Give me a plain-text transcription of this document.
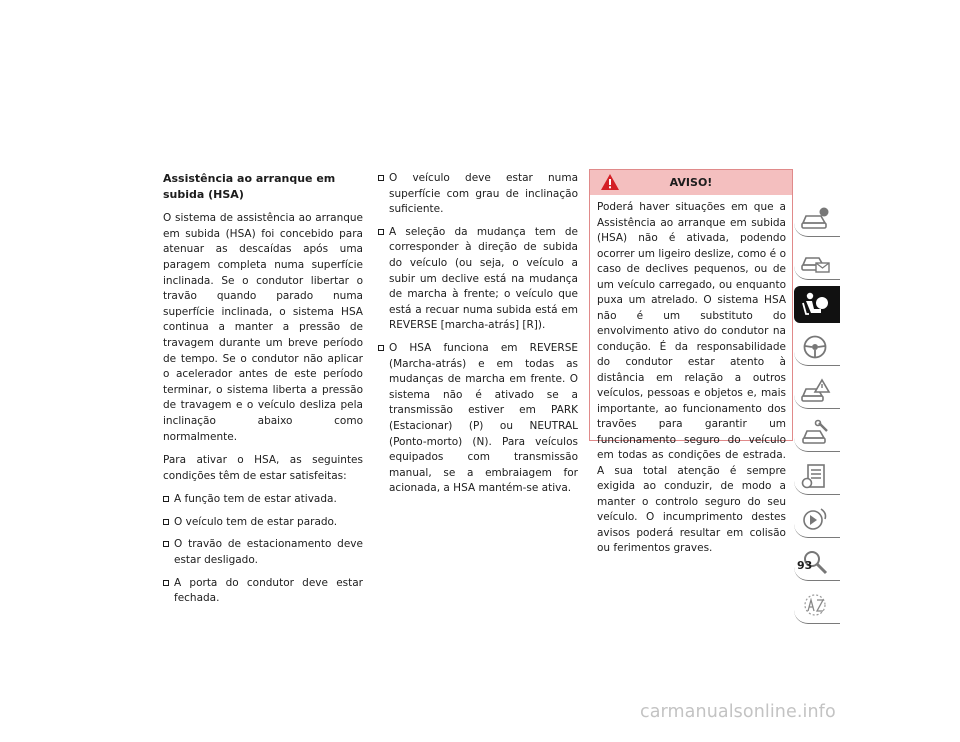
Assistência ao arranque em subida (HSA)
O sistema de assistência ao arranque em subida (HSA) foi concebido para atenuar as descaídas após uma paragem completa numa superfície inclinada. Se o condutor libertar o travão quando parado numa superfície inclinada, o sistema HSA continua a manter a pressão de travagem durante um breve período de tempo. Se o condutor não aplicar o acelerador antes de este período terminar, o sistema liberta a pressão de travagem e o veículo desliza pela inclinação abaixo como normalmente.
Para ativar o HSA, as seguintes condições têm de estar satisfeitas:
A função tem de estar ativada.
O veículo tem de estar parado.
O travão de estacionamento deve estar desligado.
A porta do condutor deve estar fechada.
O veículo deve estar numa superfície com grau de inclinação suficiente.
A seleção da mudança tem de corresponder à direção de subida do veículo (ou seja, o veículo a subir um declive está na mudança de marcha à frente; o veículo que está a recuar numa subida está em REVERSE [marcha-atrás] [R]).
O HSA funciona em REVERSE (Marcha-atrás) e em todas as mudanças de marcha em frente. O sistema não é ativado se a transmissão estiver em PARK (Estacionar) (P) ou NEUTRAL (Ponto-morto) (N). Para veículos equipados com transmissão manual, se a embraiagem for acionada, a HSA mantém-se ativa.
AVISO!
Poderá haver situações em que a Assistência ao arranque em subida (HSA) não é ativada, podendo ocorrer um ligeiro deslize, como é o caso de declives pequenos, ou de um veículo carregado, ou enquanto puxa um atrelado. O sistema HSA não é um substituto do envolvimento ativo do condutor na condução. É da responsabilidade do condutor estar atento à distância em relação a outros veículos, pessoas e objetos e, mais importante, ao funcionamento dos travões para garantir um funcionamento seguro do veículo em todas as condições de estrada. A sua total atenção é sempre exigida ao conduzir, de modo a manter o controlo seguro do seu veículo. O incumprimento destes avisos poderá resultar em colisão ou ferimentos graves.
93
carmanualsonline.info
